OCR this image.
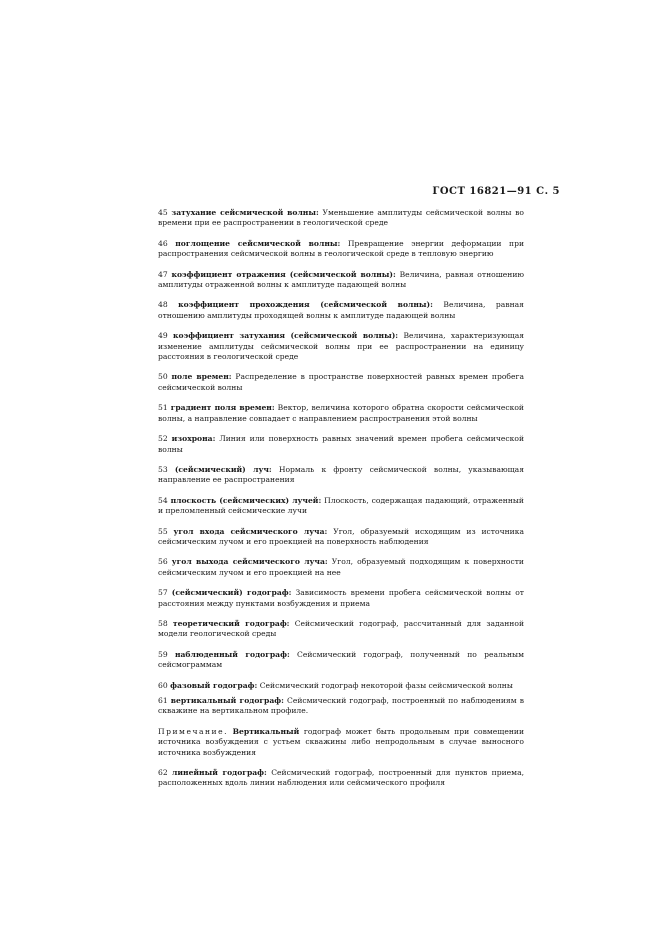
ГОСТ 16821—91 С. 5

45 затухание сейсмической волны: Уменьшение амплитуды сейсмической волны во времени при ее распространении в геологической среде

46 поглощение сейсмической волны: Превращение энергии деформации при распространения сейсмической волны в геологической среде в тепловую энергию

47 коэффициент отражения (сейсмической волны): Величина, равная отношению амплитуды отраженной волны к амплитуде падающей волны

48 коэффициент прохождения (сейсмической волны): Величина, равная отношению амплитуды проходящей волны к амплитуде падающей волны

49 коэффициент затухания (сейсмической волны): Величина, характеризующая изменение амплитуды сейсмической волны при ее распространении на единицу расстояния в геологической среде

50 поле времен: Распределение в пространстве поверхностей равных времен пробега сейсмической волны

51 градиент поля времен: Вектор, величина которого обратна скорости сейсмической волны, а направление совпадает с направлением распространения этой волны

52 изохрона: Линия или поверхность равных значений времен пробега сейсмической волны

53 (сейсмический) луч: Нормаль к фронту сейсмической волны, указывающая направление ее распространения

54 плоскость (сейсмических) лучей: Плоскость, содержащая падающий, отраженный и преломленный сейсмические лучи

55 угол входа сейсмического луча: Угол, образуемый исходящим из источника сейсмическим лучом и его проекцией на поверхность наблюдения

56 угол выхода сейсмического луча: Угол, образуемый подходящим к поверхности сейсмическим лучом и его проекцией на нее

57 (сейсмический) годограф: Зависимость времени пробега сейсмической волны от расстояния между пунктами возбуждения и приема

58 теоретический годограф: Сейсмический годограф, рассчитанный для заданной модели геологической среды

59 наблюденный годограф: Сейсмический годограф, полученный по реальным сейсмограммам

60 фазовый годограф: Сейсмический годограф некоторой фазы сейсмической волны

61 вертикальный годограф: Сейсмический годограф, построенный по наблюдениям в скважине на вертикальном профиле.

Примечание. Вертикальный годограф может быть продольным при совмещении источника возбуждения с устьем скважины либо непродольным в случае выносного источника возбуждения

62 линейный годограф: Сейсмический годограф, построенный для пунктов приема, расположенных вдоль линии наблюдения или сейсмического профиля
